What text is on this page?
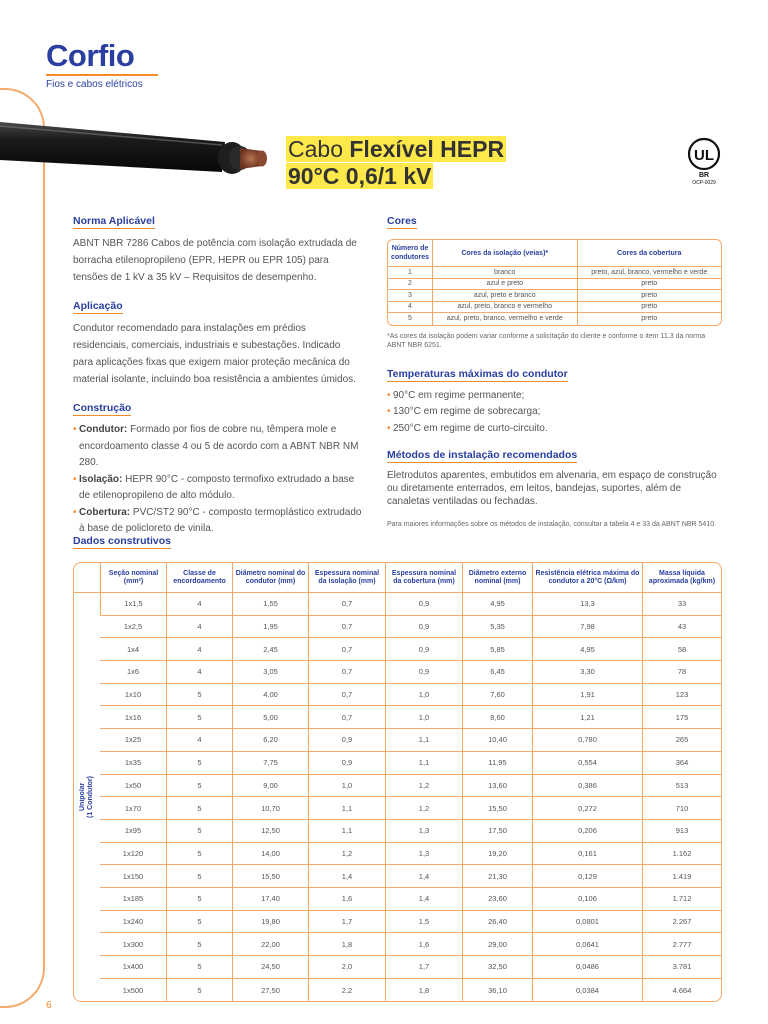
Corfio
Fios e cabos elétricos
Cabo Flexível HEPR
90°C 0,6/1 kV
UL
BR
OCP-0029
Norma Aplicável

ABNT NBR 7286 Cabos de potência com isolação extrudada de borracha etilenopropileno (EPR, HEPR ou EPR 105) para tensões de 1 kV a 35 kV – Requisitos de desempenho.

Aplicação

Condutor recomendado para instalações em prédios residenciais, comerciais, industriais e subestações. Indicado para aplicações fixas que exigem maior proteção mecânica do material isolante, incluindo boa resistência a ambientes úmidos.

Construção
• Condutor: Formado por fios de cobre nu, têmpera mole e encordoamento classe 4 ou 5 de acordo com a ABNT NBR NM 280.
• Isolação: HEPR 90°C - composto termofixo extrudado a base de etilenopropileno de alto módulo.
• Cobertura: PVC/ST2 90°C - composto termoplástico extrudado à base de policloreto de vinila.
Cores
Número de condutores	Cores da isolação (veias)*	Cores da cobertura
1	branco	preto, azul, branco, vermelho e verde
2	azul e preto	preto
3	azul, preto e branco	preto
4	azul, preto, branco e vermelho	preto
5	azul, preto, branco, vermelho e verde	preto

*As cores da isolação podem variar conforme a solicitação do cliente e conforme o item 11.3 da norma ABNT NBR 6251.

Temperaturas máximas do condutor
• 90°C em regime permanente;
• 130°C em regime de sobrecarga;
• 250°C em regime de curto-circuito.
Métodos de instalação recomendados

Eletrodutos aparentes, embutidos em alvenaria, em espaço de construção ou diretamente enterrados, em leitos, bandejas, suportes, além de canaletas ventiladas ou fechadas.

Para maiores informações sobre os métodos de instalação, consultar a tabela 4 e 33 da ABNT NBR 5410.

Dados construtivos
	Seção nominal (mm²)	Classe de encordoamento	Diâmetro nominal do condutor (mm)	Espessura nominal da isolação (mm)	Espessura nominal da cobertura (mm)	Diâmetro externo nominal (mm)	Resistência elétrica máxima do condutor a 20°C (Ω/km)	Massa líquida aproximada (kg/km)

Unipolar
(1 Condutor)	1x1,5	4	1,55	0,7	0,9	4,95	13,3	33
	1x2,5	4	1,95	0,7	0,9	5,35	7,98	43
	1x4	4	2,45	0,7	0,9	5,85	4,95	58
	1x6	4	3,05	0,7	0,9	6,45	3,30	78
	1x10	5	4,00	0,7	1,0	7,60	1,91	123
	1x16	5	5,00	0,7	1,0	8,60	1,21	175
	1x25	4	6,20	0,9	1,1	10,40	0,780	265
	1x35	5	7,75	0,9	1,1	11,95	0,554	364
	1x50	5	9,00	1,0	1,2	13,60	0,386	513
	1x70	5	10,70	1,1	1,2	15,50	0,272	710
	1x95	5	12,50	1,1	1,3	17,50	0,206	913
	1x120	5	14,00	1,2	1,3	19,20	0,161	1.162
	1x150	5	15,50	1,4	1,4	21,30	0,129	1.419
	1x185	5	17,40	1,6	1,4	23,60	0,106	1.712
	1x240	5	19,80	1,7	1,5	26,40	0,0801	2.267
	1x300	5	22,00	1,8	1,6	29,00	0,0641	2.777
	1x400	5	24,50	2,0	1,7	32,50	0,0486	3.781
	1x500	5	27,50	2,2	1,8	36,10	0,0384	4.664
6
